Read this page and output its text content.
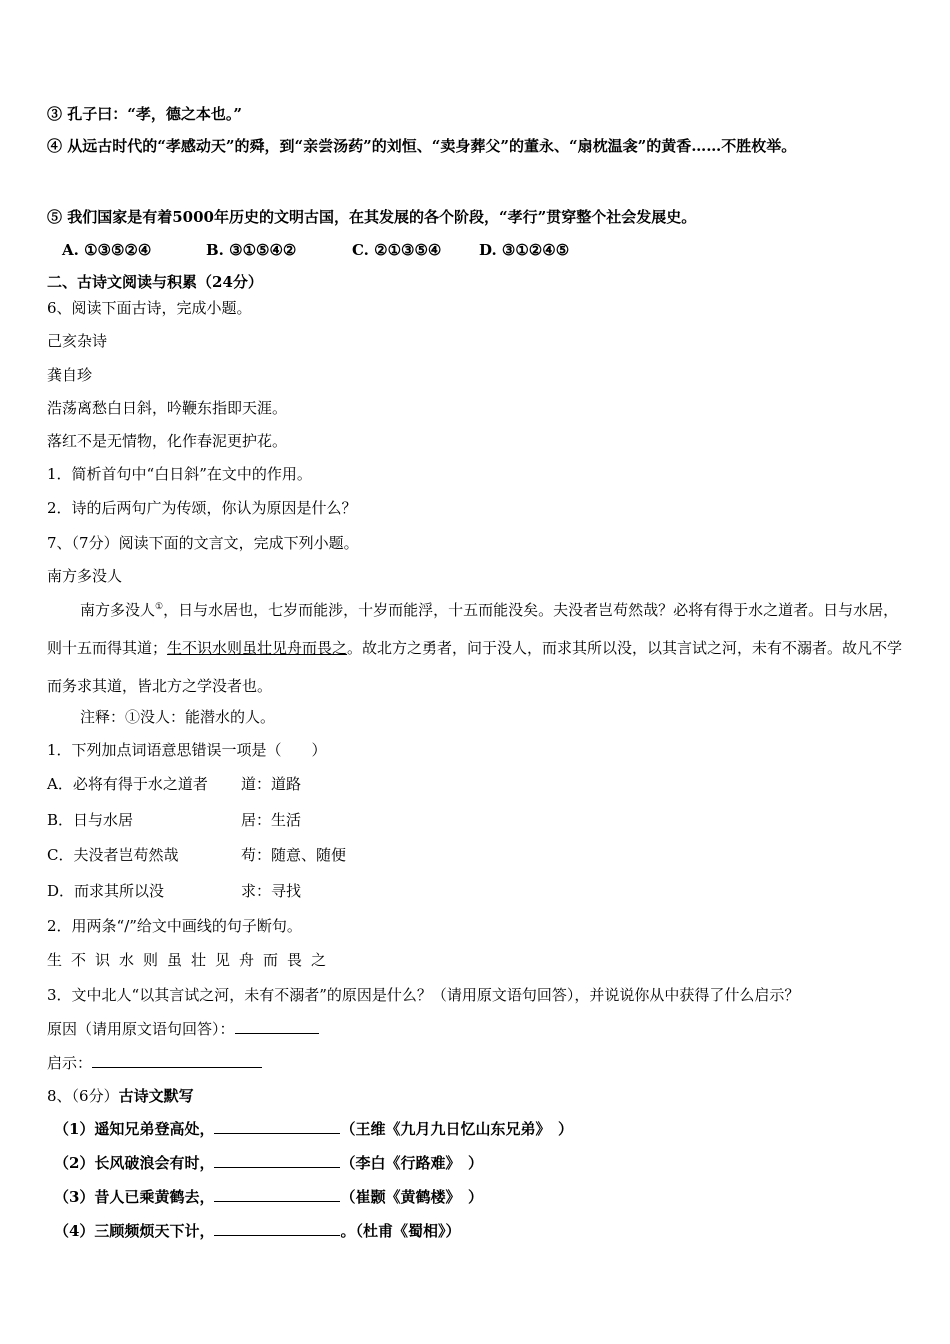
③ 孔子曰：“孝，德之本也。”
④ 从远古时代的“孝感动天”的舜，到“亲尝汤药”的刘恒、“卖身葬父”的董永、“扇枕温衾”的黄香……不胜枚举。
⑤ 我们国家是有着5000年历史的文明古国，在其发展的各个阶段，“孝行”贯穿整个社会发展史。
A. ①③⑤②④	B. ③①⑤④②	C. ②①③⑤④	D. ③①②④⑤
二、古诗文阅读与积累（24分）
6、阅读下面古诗，完成小题。
己亥杂诗
龚自珍
浩荡离愁白日斜，吟鞭东指即天涯。
落红不是无情物，化作春泥更护花。
1．简析首句中“白日斜”在文中的作用。
2．诗的后两句广为传颂，你认为原因是什么？
7、（7分）阅读下面的文言文，完成下列小题。
南方多没人
南方多没人①，日与水居也，七岁而能涉，十岁而能浮，十五而能没矣。夫没者岂苟然哉？必将有得于水之道者。日与水居，则十五而得其道；生不识水则虽壮见舟而畏之。故北方之勇者，问于没人，而求其所以没，以其言试之河，未有不溺者。故凡不学而务求其道，皆北方之学没者也。
注释：①没人：能潜水的人。
1．下列加点词语意思错误一项是（　　）
A．必将有得于水之道者 道：道路
B．日与水居	居：生活
C．夫没者岂苟然哉	苟：随意、随便
D．而求其所以没	求：寻找
2．用两条“/”给文中画线的句子断句。
生不识水则虽壮见舟而畏之
3．文中北人“以其言试之河，未有不溺者”的原因是什么？（请用原文语句回答），并说说你从中获得了什么启示？
原因（请用原文语句回答）：
启示：
8、（6分）古诗文默写
（1）遥知兄弟登高处，	（王维《九月九日忆山东兄弟》　）
（2）长风破浪会有时，	（李白《行路难》　）
（3）昔人已乘黄鹤去，	（崔颢《黄鹤楼》　）
（4）三顾频烦天下计，	。（杜甫《蜀相》）
